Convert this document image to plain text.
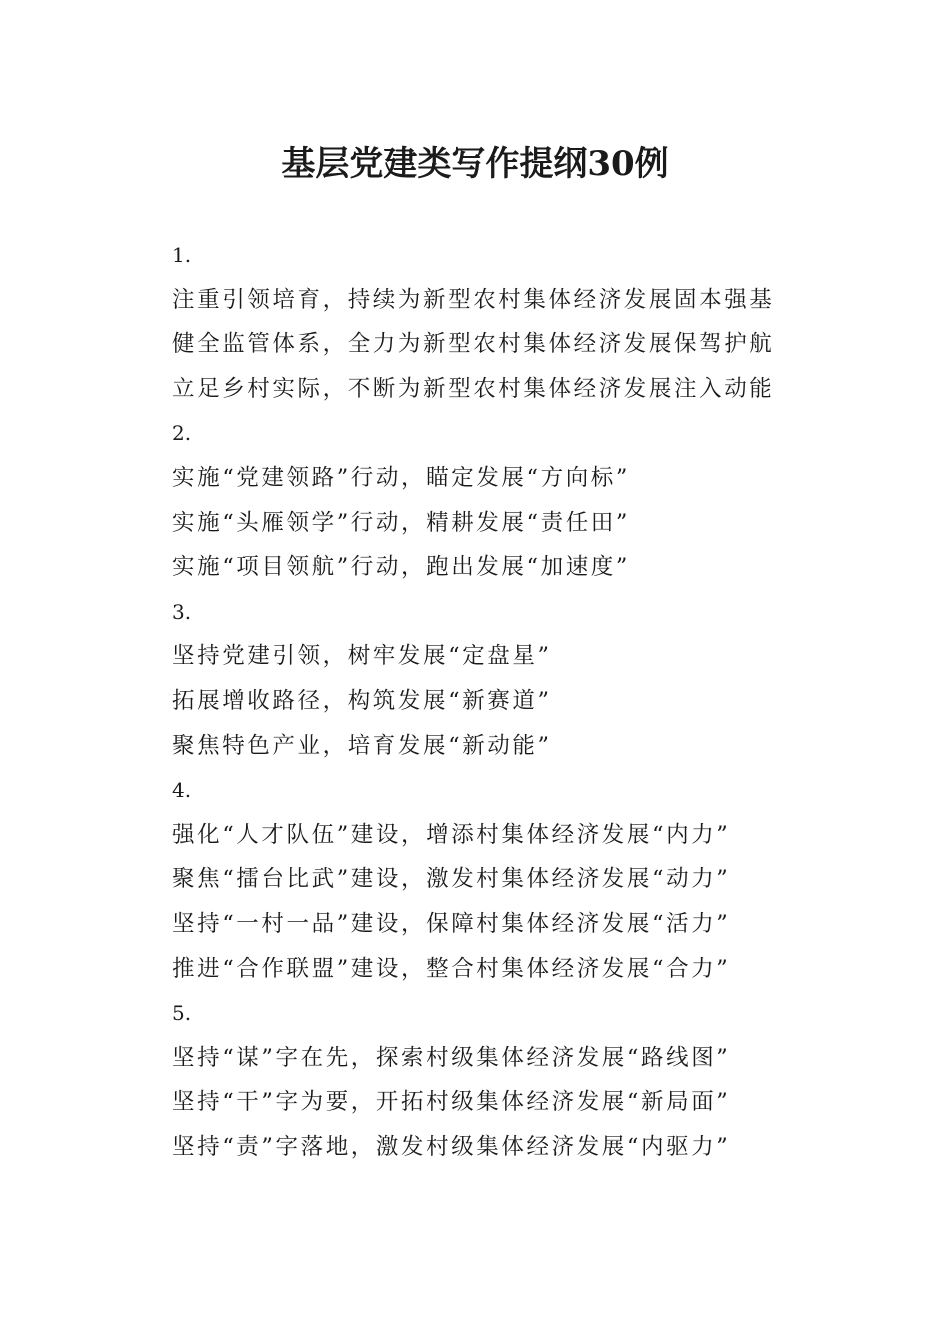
基层党建类写作提纲30例
1.
注重引领培育，持续为新型农村集体经济发展固本强基
健全监管体系，全力为新型农村集体经济发展保驾护航
立足乡村实际，不断为新型农村集体经济发展注入动能
2.
实施“党建领路”行动，瞄定发展“方向标”
实施“头雁领学”行动，精耕发展“责任田”
实施“项目领航”行动，跑出发展“加速度”
3.
坚持党建引领，树牢发展“定盘星”
拓展增收路径，构筑发展“新赛道”
聚焦特色产业，培育发展“新动能”
4.
强化“人才队伍”建设，增添村集体经济发展“内力”
聚焦“擂台比武”建设，激发村集体经济发展“动力”
坚持“一村一品”建设，保障村集体经济发展“活力”
推进“合作联盟”建设，整合村集体经济发展“合力”
5.
坚持“谋”字在先，探索村级集体经济发展“路线图”
坚持“干”字为要，开拓村级集体经济发展“新局面”
坚持“责”字落地，激发村级集体经济发展“内驱力”
